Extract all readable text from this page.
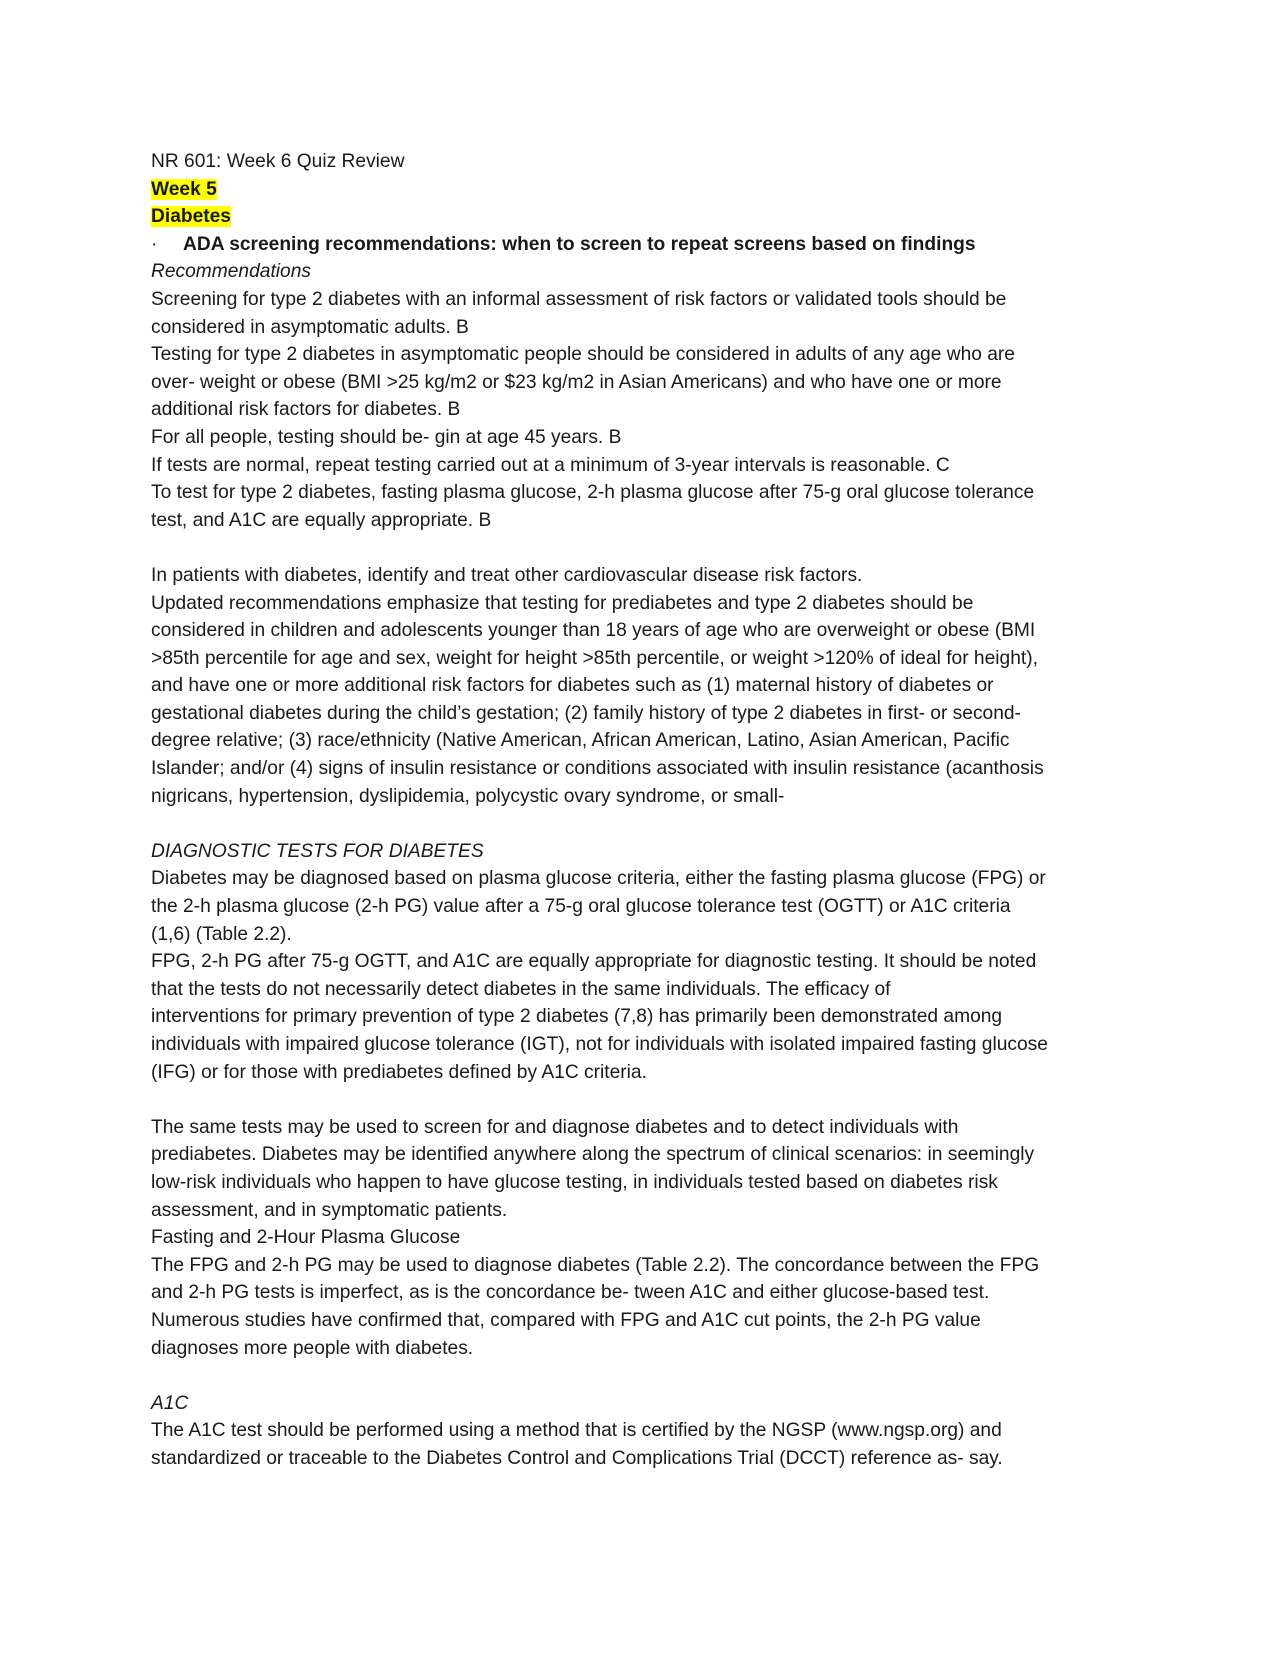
NR 601: Week 6 Quiz Review
Week 5
Diabetes
·	ADA screening recommendations: when to screen to repeat screens based on findings
Recommendations
Screening for type 2 diabetes with an informal assessment of risk factors or validated tools should be
considered in asymptomatic adults. B
Testing for type 2 diabetes in asymptomatic people should be considered in adults of any age who are
over- weight or obese (BMI >25 kg/m2 or $23 kg/m2 in Asian Americans) and who have one or more
additional risk factors for diabetes. B
For all people, testing should be- gin at age 45 years. B
If tests are normal, repeat testing carried out at a minimum of 3-year intervals is reasonable. C
To test for type 2 diabetes, fasting plasma glucose, 2-h plasma glucose after 75-g oral glucose tolerance
test, and A1C are equally appropriate. B
In patients with diabetes, identify and treat other cardiovascular disease risk factors.
Updated recommendations emphasize that testing for prediabetes and type 2 diabetes should be
considered in children and adolescents younger than 18 years of age who are overweight or obese (BMI
>85th percentile for age and sex, weight for height >85th percentile, or weight >120% of ideal for height),
and have one or more additional risk factors for diabetes such as (1) maternal history of diabetes or
gestational diabetes during the child’s gestation; (2) family history of type 2 diabetes in first- or second-
degree relative; (3) race/ethnicity (Native American, African American, Latino, Asian American, Pacific
Islander; and/or (4) signs of insulin resistance or conditions associated with insulin resistance (acanthosis
nigricans, hypertension, dyslipidemia, polycystic ovary syndrome, or small-
DIAGNOSTIC TESTS FOR DIABETES
Diabetes may be diagnosed based on plasma glucose criteria, either the fasting plasma glucose (FPG) or
the 2-h plasma glucose (2-h PG) value after a 75-g oral glucose tolerance test (OGTT) or A1C criteria
(1,6) (Table 2.2).
FPG, 2-h PG after 75-g OGTT, and A1C are equally appropriate for diagnostic testing. It should be noted
that the tests do not necessarily detect diabetes in the same individuals. The efficacy of
interventions for primary prevention of type 2 diabetes (7,8) has primarily been demonstrated among
individuals with impaired glucose tolerance (IGT), not for individuals with isolated impaired fasting glucose
(IFG) or for those with prediabetes defined by A1C criteria.
The same tests may be used to screen for and diagnose diabetes and to detect individuals with
prediabetes. Diabetes may be identified anywhere along the spectrum of clinical scenarios: in seemingly
low-risk individuals who happen to have glucose testing, in individuals tested based on diabetes risk
assessment, and in symptomatic patients.
Fasting and 2-Hour Plasma Glucose
The FPG and 2-h PG may be used to diagnose diabetes (Table 2.2). The concordance between the FPG
and 2-h PG tests is imperfect, as is the concordance be- tween A1C and either glucose-based test.
Numerous studies have confirmed that, compared with FPG and A1C cut points, the 2-h PG value
diagnoses more people with diabetes.
A1C
The A1C test should be performed using a method that is certified by the NGSP (www.ngsp.org) and
standardized or traceable to the Diabetes Control and Complications Trial (DCCT) reference as- say.
